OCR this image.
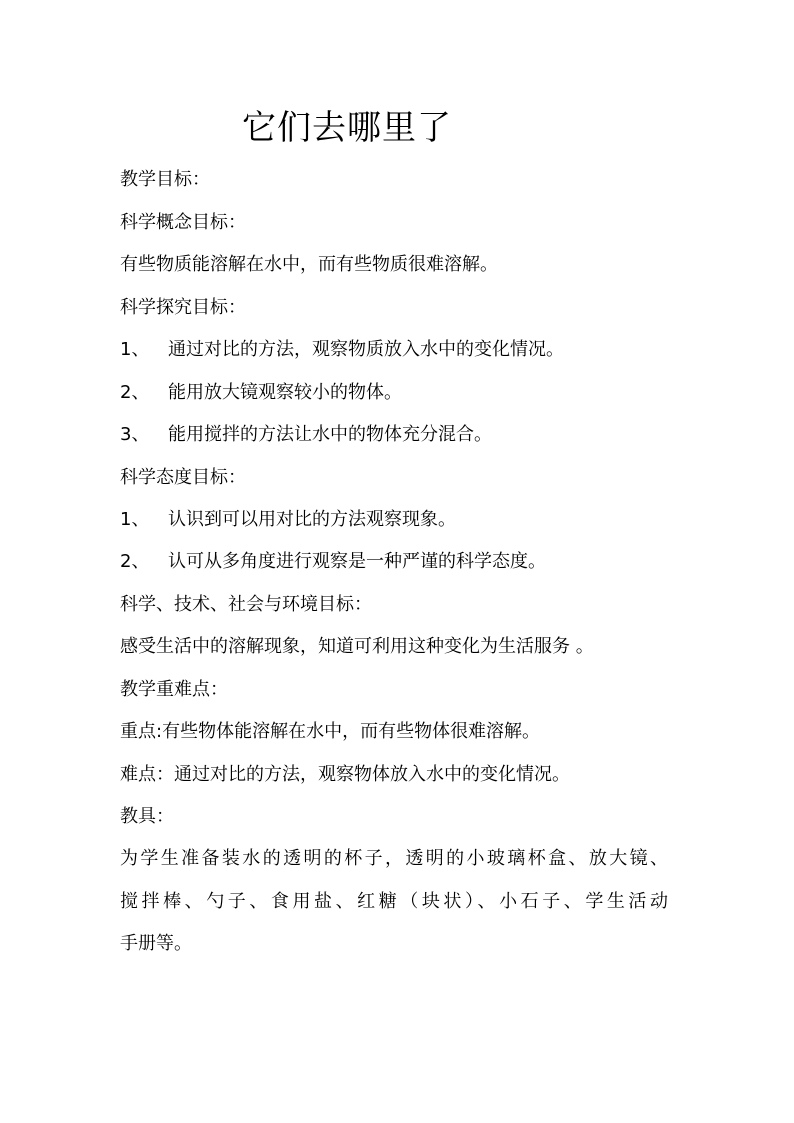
它们去哪里了
教学目标：
科学概念目标：
有些物质能溶解在水中，而有些物质很难溶解。
科学探究目标：
1、 通过对比的方法，观察物质放入水中的变化情况。
2、 能用放大镜观察较小的物体。
3、 能用搅拌的方法让水中的物体充分混合。
科学态度目标：
1、 认识到可以用对比的方法观察现象。
2、 认可从多角度进行观察是一种严谨的科学态度。
科学、技术、社会与环境目标：
感受生活中的溶解现象，知道可利用这种变化为生活服务 。
教学重难点：
重点:有些物体能溶解在水中，而有些物体很难溶解。
难点：通过对比的方法，观察物体放入水中的变化情况。
教具：
为学生准备装水的透明的杯子，透明的小玻璃杯盒、放大镜、
搅拌棒、勺子、食用盐、红糖（块状）、小石子、学生活动
手册等。
